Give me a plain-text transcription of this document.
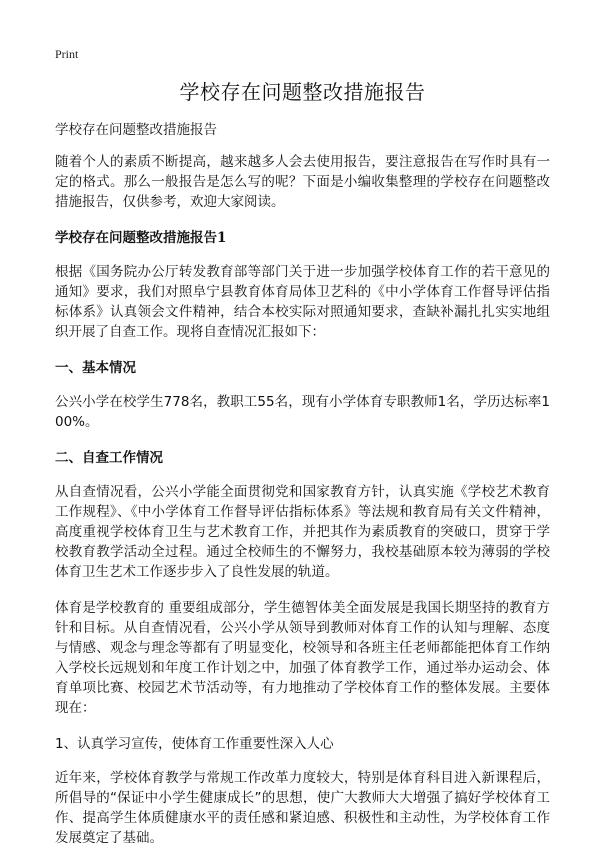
Print
学校存在问题整改措施报告

学校存在问题整改措施报告

随着个人的素质不断提高，越来越多人会去使用报告，要注意报告在写作时具有一定的格式。那么一般报告是怎么写的呢？下面是小编收集整理的学校存在问题整改措施报告，仅供参考，欢迎大家阅读。

学校存在问题整改措施报告1

根据《国务院办公厅转发教育部等部门关于进一步加强学校体育工作的若干意见的通知》要求，我们对照阜宁县教育体育局体卫艺科的《中小学体育工作督导评估指标体系》认真领会文件精神，结合本校实际对照通知要求，查缺补漏扎扎实实地组织开展了自查工作。现将自查情况汇报如下：

一、基本情况

公兴小学在校学生778名，教职工55名，现有小学体育专职教师1名，学历达标率100%。

二、自查工作情况

从自查情况看，公兴小学能全面贯彻党和国家教育方针，认真实施《学校艺术教育工作规程》、《中小学体育工作督导评估指标体系》等法规和教育局有关文件精神，高度重视学校体育卫生与艺术教育工作，并把其作为素质教育的突破口，贯穿于学校教育教学活动全过程。通过全校师生的不懈努力，我校基础原本较为薄弱的学校体育卫生艺术工作逐步步入了良性发展的轨道。

体育是学校教育的 重要组成部分，学生德智体美全面发展是我国长期坚持的教育方针和目标。从自查情况看，公兴小学从领导到教师对体育工作的认知与理解、态度与情感、观念与理念等都有了明显变化，校领导和各班主任老师都能把体育工作纳入学校长远规划和年度工作计划之中，加强了体育教学工作，通过举办运动会、体育单项比赛、校园艺术节活动等，有力地推动了学校体育工作的整体发展。主要体现在：

1、认真学习宣传，使体育工作重要性深入人心

近年来，学校体育教学与常规工作改革力度较大，特别是体育科目进入新课程后，所倡导的“保证中小学生健康成长”的思想，使广大教师大大增强了搞好学校体育工作、提高学生体质健康水平的责任感和紧迫感、积极性和主动性，为学校体育工作发展奠定了基础。
